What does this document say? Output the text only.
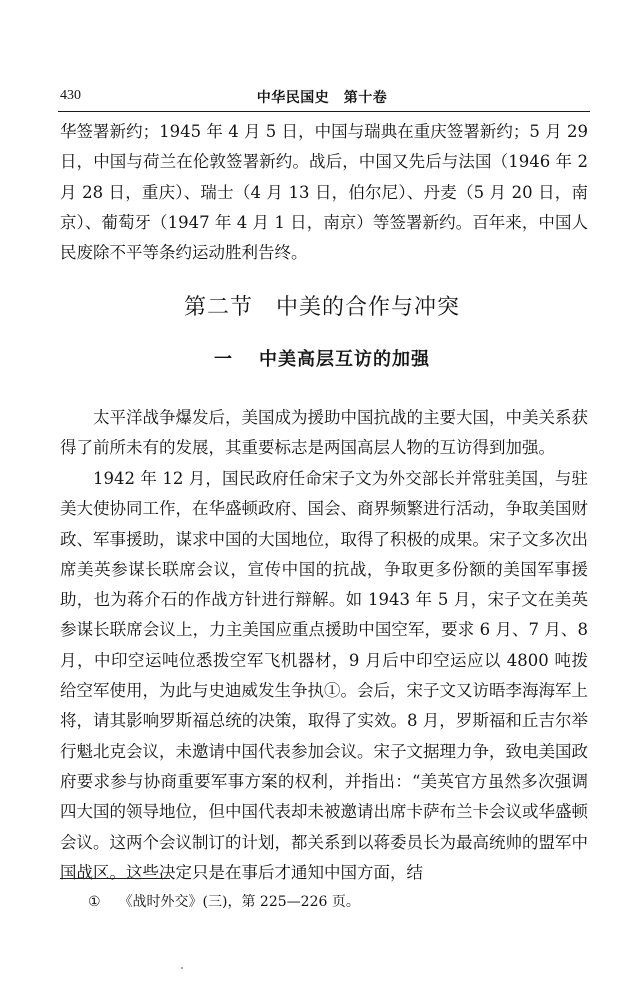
430	中华民国史　第十卷

华签署新约；1945 年 4 月 5 日，中国与瑞典在重庆签署新约；5 月 29 日，中国与荷兰在伦敦签署新约。战后，中国又先后与法国（1946 年 2 月 28 日，重庆）、瑞士（4 月 13 日，伯尔尼）、丹麦（5 月 20 日，南京）、葡萄牙（1947 年 4 月 1 日，南京）等签署新约。百年来，中国人民废除不平等条约运动胜利告终。

第二节　中美的合作与冲突
一 中美高层互访的加强

太平洋战争爆发后，美国成为援助中国抗战的主要大国，中美关系获得了前所未有的发展，其重要标志是两国高层人物的互访得到加强。

1942 年 12 月，国民政府任命宋子文为外交部长并常驻美国，与驻美大使协同工作，在华盛顿政府、国会、商界频繁进行活动，争取美国财政、军事援助，谋求中国的大国地位，取得了积极的成果。宋子文多次出席美英参谋长联席会议，宣传中国的抗战，争取更多份额的美国军事援助，也为蒋介石的作战方针进行辩解。如 1943 年 5 月，宋子文在美英参谋长联席会议上，力主美国应重点援助中国空军，要求 6 月、7 月、8 月，中印空运吨位悉拨空军飞机器材，9 月后中印空运应以 4800 吨拨给空军使用，为此与史迪威发生争执①。会后，宋子文又访晤李海海军上将，请其影响罗斯福总统的决策，取得了实效。8 月，罗斯福和丘吉尔举行魁北克会议，未邀请中国代表参加会议。宋子文据理力争，致电美国政府要求参与协商重要军事方案的权利，并指出：“美英官方虽然多次强调四大国的领导地位，但中国代表却未被邀请出席卡萨布兰卡会议或华盛顿会议。这两个会议制订的计划，都关系到以蒋委员长为最高统帅的盟军中国战区。这些决定只是在事后才通知中国方面，结

① 《战时外交》(三)，第 225—226 页。
